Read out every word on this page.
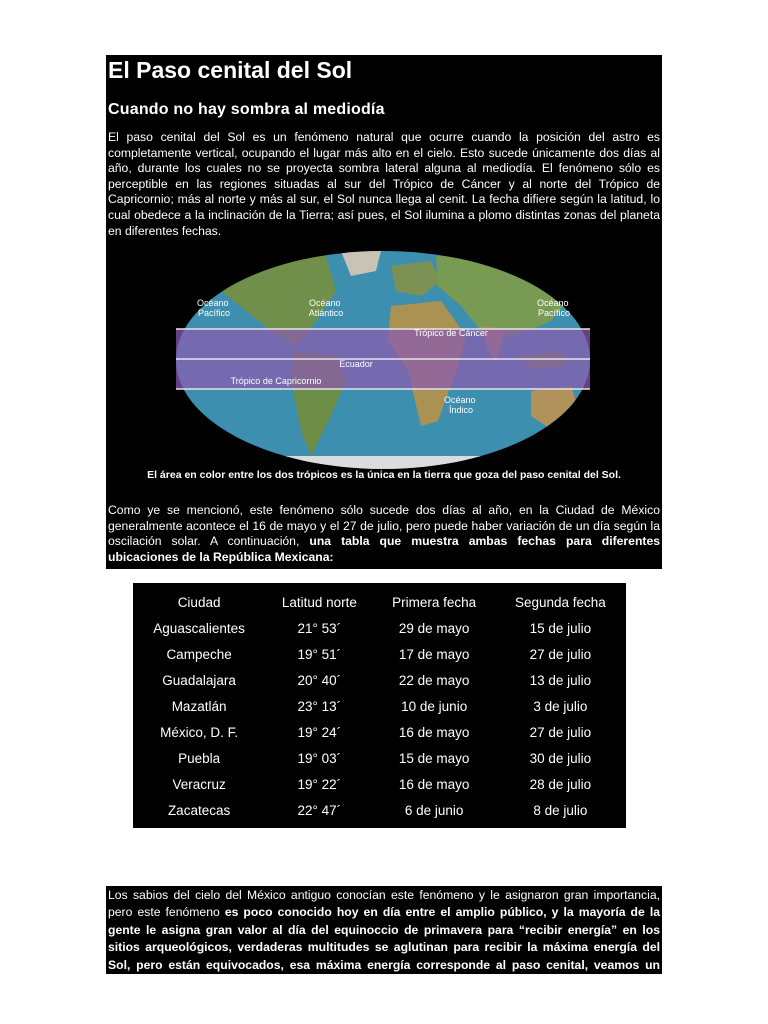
El Paso cenital del Sol
Cuando no hay sombra al mediodía

El paso cenital del Sol es un fenómeno natural que ocurre cuando la posición del astro es completamente vertical, ocupando el lugar más alto en el cielo. Esto sucede únicamente dos días al año, durante los cuales no se proyecta sombra lateral alguna al mediodía. El fenómeno sólo es perceptible en las regiones situadas al sur del Trópico de Cáncer y al norte del Trópico de Capricornio; más al norte y más al sur, el Sol nunca llega al cenit. La fecha difiere según la latitud, lo cual obedece a la inclinación de la Tierra; así pues, el Sol ilumina a plomo distintas zonas del planeta en diferentes fechas.

Océano Pacífico
Océano Atlántico
Océano Pacífico
Trópico de Cáncer
Ecuador
Trópico de Capricornio
Océano Índico
El área en color entre los dos trópicos es la única en la tierra que goza del paso cenital del Sol.

Como ye se mencionó, este fenómeno sólo sucede dos días al año, en la Ciudad de México generalmente acontece el 16 de mayo y el 27 de julio, pero puede haber variación de un día según la oscilación solar. A continuación, una tabla que muestra ambas fechas para diferentes ubicaciones de la República Mexicana:

Ciudad	Latitud norte	Primera fecha	Segunda fecha
Aguascalientes	21° 53´	29 de mayo	15 de julio
Campeche	19° 51´	17 de mayo	27 de julio
Guadalajara	20° 40´	22 de mayo	13 de julio
Mazatlán	23° 13´	10 de junio	3 de julio
México, D. F.	19° 24´	16 de mayo	27 de julio
Puebla	19° 03´	15 de mayo	30 de julio
Veracruz	19° 22´	16 de mayo	28 de julio
Zacatecas	22° 47´	6 de junio	8 de julio

Los sabios del cielo del México antiguo conocían este fenómeno y le asignaron gran importancia, pero este fenómeno es poco conocido hoy en día entre el amplio público, y la mayoría de la gente le asigna gran valor al día del equinoccio de primavera para “recibir energía” en los sitios arqueológicos, verdaderas multitudes se aglutinan para recibir la máxima energía del Sol, pero están equivocados, esa máxima energía corresponde al paso cenital, veamos un ejemplo:
